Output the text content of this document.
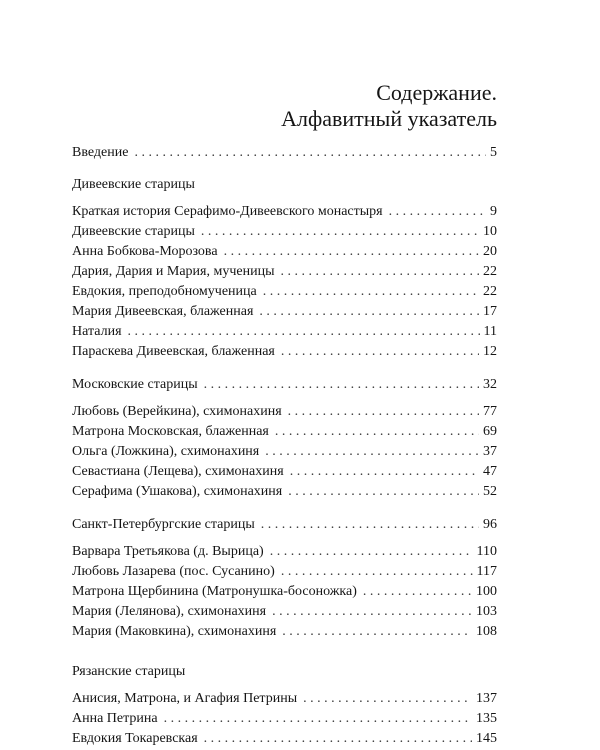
Содержание.
Алфавитный указатель
Введение . . .	5
Дивеевские старицы
Краткая история Серафимо-Дивеевского монастыря . . .	9
Дивеевские старицы . . .	10
Анна Бобкова-Морозова . . .	20
Дария, Дария и Мария, мученицы . . .	22
Евдокия, преподобномученица . . .	22
Мария Дивеевская, блаженная . . .	17
Наталия . . .	11
Параскева Дивеевская, блаженная . . .	12
Московские старицы . . .	32
Любовь (Верейкина), схимонахиня . . .	77
Матрона Московская, блаженная . . .	69
Ольга (Ложкина), схимонахиня . . .	37
Севастиана (Лещева), схимонахиня . . .	47
Серафима (Ушакова), схимонахиня . . .	52
Санкт-Петербургские старицы . . .	96
Варвара Третьякова (д. Вырица) . . .	110
Любовь Лазарева (пос. Сусанино) . . .	117
Матрона Щербинина (Матронушка-босоножка) . . .	100
Мария (Лелянова), схимонахиня . . .	103
Мария (Маковкина), схимонахиня . . .	108
Рязанские старицы
Анисия, Матрона, и Агафия Петрины . . .	137
Анна Петрина . . .	135
Евдокия Токаревская . . .	145
